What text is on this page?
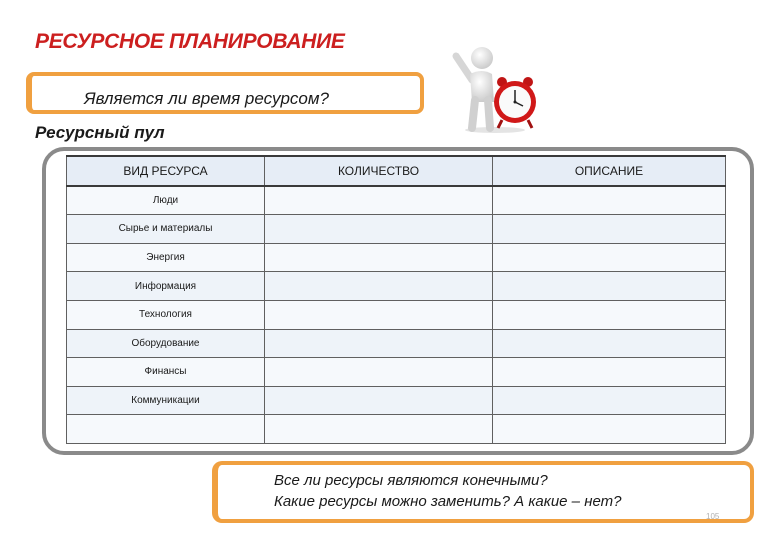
РЕСУРСНОЕ ПЛАНИРОВАНИЕ
Является ли время ресурсом?
Ресурсный пул
ВИД РЕСУРСА	КОЛИЧЕСТВО	ОПИСАНИЕ
Люди		
Сырье и материалы		
Энергия		
Информация		
Технология		
Оборудование		
Финансы		
Коммуникации		

Все ли ресурсы являются конечными?
Какие ресурсы можно заменить? А какие – нет?
105
